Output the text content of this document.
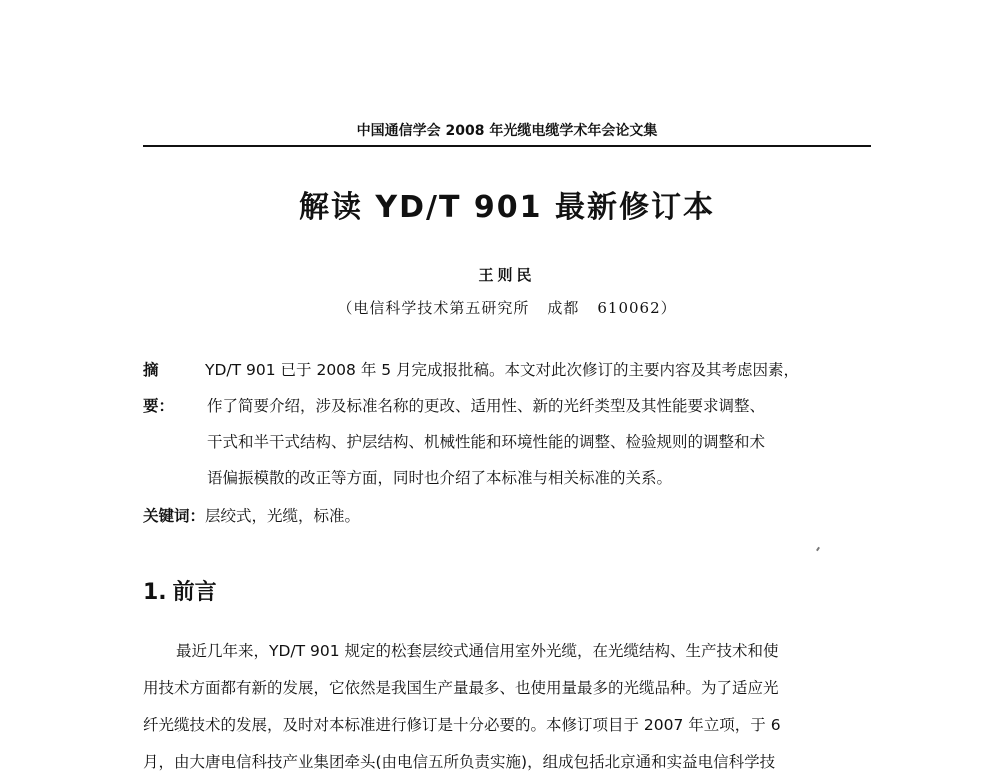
中国通信学会 2008 年光缆电缆学术年会论文集
解读 YD/T 901 最新修订本
王则民
（电信科学技术第五研究所 成都 610062）
摘要：
YD/T 901 已于 2008 年 5 月完成报批稿。本文对此次修订的主要内容及其考虑因素，
作了简要介绍，涉及标准名称的更改、适用性、新的光纤类型及其性能要求调整、
干式和半干式结构、护层结构、机械性能和环境性能的调整、检验规则的调整和术
语偏振模散的改正等方面，同时也介绍了本标准与相关标准的关系。
关键词：层绞式，光缆，标准。
1. 前言
最近几年来，YD/T 901 规定的松套层绞式通信用室外光缆，在光缆结构、生产技术和使
用技术方面都有新的发展，它依然是我国生产量最多、也使用量最多的光缆品种。为了适应光
纤光缆技术的发展，及时对本标准进行修订是十分必要的。本修订项目于 2007 年立项，于 6
月，由大唐电信科技产业集团牵头(由电信五所负责实施)，组成包括北京通和实益电信科学技
